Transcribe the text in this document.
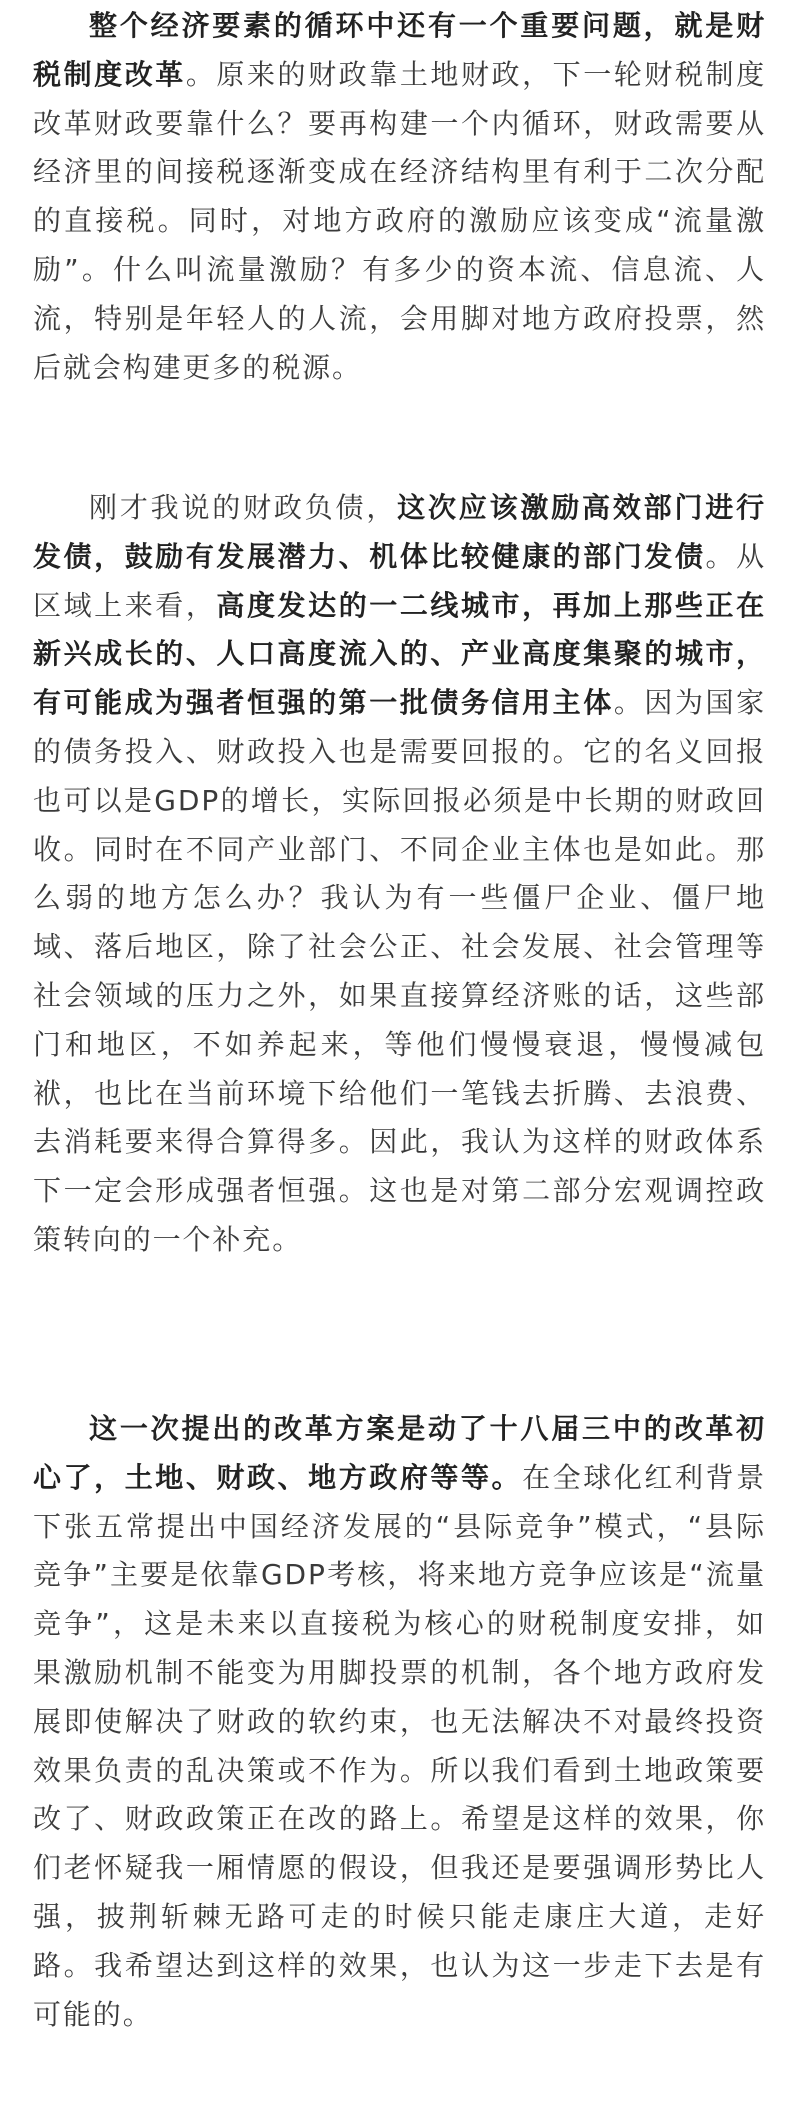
整个经济要素的循环中还有一个重要问题，就是财税制度改革。原来的财政靠土地财政，下一轮财税制度改革财政要靠什么？要再构建一个内循环，财政需要从经济里的间接税逐渐变成在经济结构里有利于二次分配的直接税。同时，对地方政府的激励应该变成“流量激励”。什么叫流量激励？有多少的资本流、信息流、人流，特别是年轻人的人流，会用脚对地方政府投票，然后就会构建更多的税源。

刚才我说的财政负债，这次应该激励高效部门进行发债，鼓励有发展潜力、机体比较健康的部门发债。从区域上来看，高度发达的一二线城市，再加上那些正在新兴成长的、人口高度流入的、产业高度集聚的城市，有可能成为强者恒强的第一批债务信用主体。因为国家的债务投入、财政投入也是需要回报的。它的名义回报也可以是GDP的增长，实际回报必须是中长期的财政回收。同时在不同产业部门、不同企业主体也是如此。那么弱的地方怎么办？我认为有一些僵尸企业、僵尸地域、落后地区，除了社会公正、社会发展、社会管理等社会领域的压力之外，如果直接算经济账的话，这些部门和地区，不如养起来，等他们慢慢衰退，慢慢减包袱，也比在当前环境下给他们一笔钱去折腾、去浪费、去消耗要来得合算得多。因此，我认为这样的财政体系下一定会形成强者恒强。这也是对第二部分宏观调控政策转向的一个补充。

这一次提出的改革方案是动了十八届三中的改革初心了，土地、财政、地方政府等等。在全球化红利背景下张五常提出中国经济发展的“县际竞争”模式，“县际竞争”主要是依靠GDP考核，将来地方竞争应该是“流量竞争”，这是未来以直接税为核心的财税制度安排，如果激励机制不能变为用脚投票的机制，各个地方政府发展即使解决了财政的软约束，也无法解决不对最终投资效果负责的乱决策或不作为。所以我们看到土地政策要改了、财政政策正在改的路上。希望是这样的效果，你们老怀疑我一厢情愿的假设，但我还是要强调形势比人强，披荆斩棘无路可走的时候只能走康庄大道，走好路。我希望达到这样的效果，也认为这一步走下去是有可能的。
